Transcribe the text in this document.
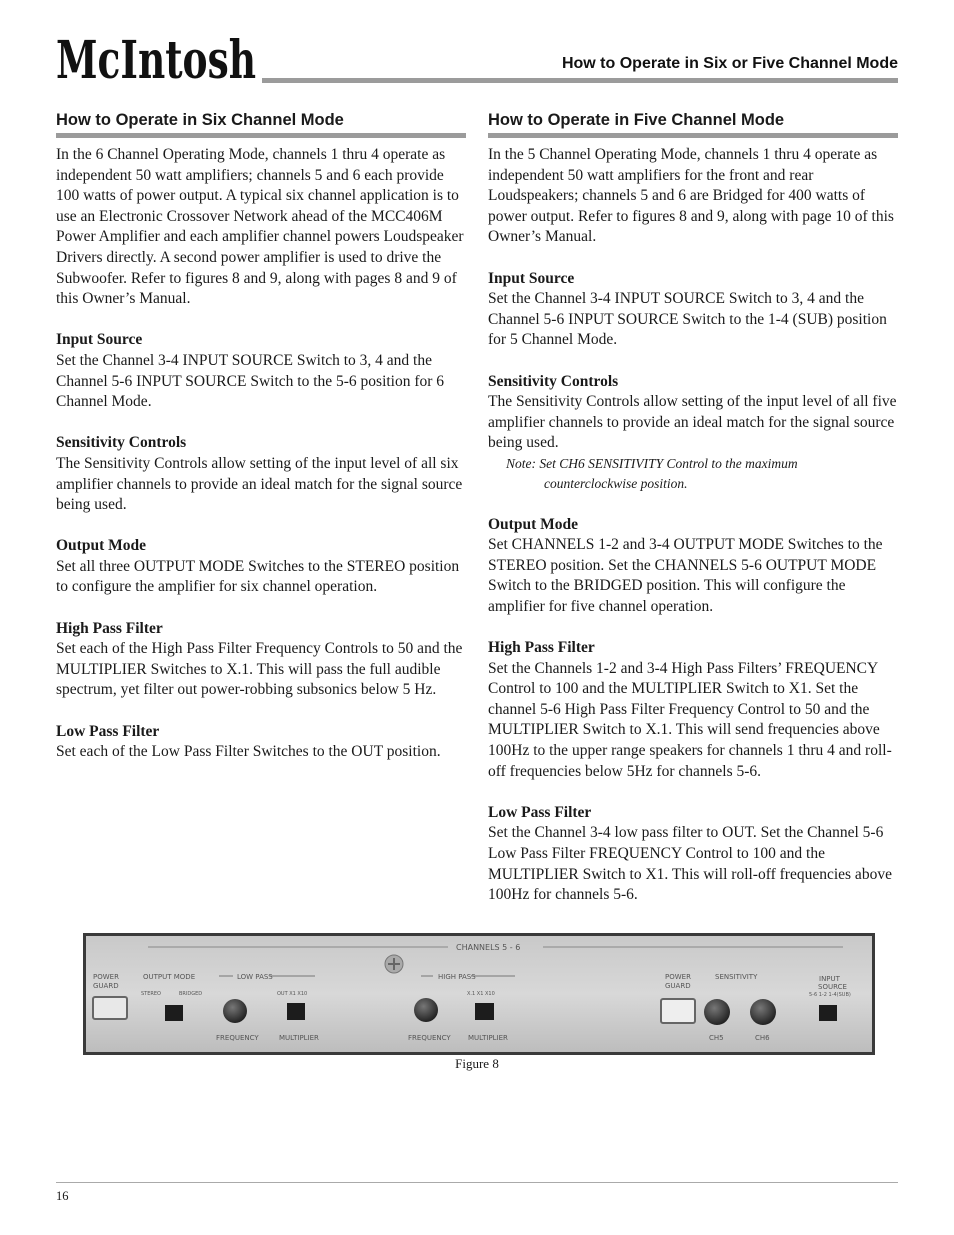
McIntosh	How to Operate in Six or Five Channel Mode
How to Operate in Six Channel Mode

In the 6 Channel Operating Mode, channels 1 thru 4 operate as independent 50 watt amplifiers; channels 5 and 6 each provide 100 watts of power output. A typical six channel application is to use an Electronic Crossover Network ahead of the MCC406M Power Amplifier and each amplifier channel powers Loudspeaker Drivers directly. A second power amplifier is used to drive the Subwoofer. Refer to figures 8 and 9, along with pages 8 and 9 of this Owner’s Manual.

Input Source

Set the Channel 3-4 INPUT SOURCE Switch to 3, 4 and the Channel 5-6 INPUT SOURCE Switch to the 5-6 position for 6 Channel Mode.

Sensitivity Controls

The Sensitivity Controls allow setting of the input level of all six amplifier channels to provide an ideal match for the signal source being used.

Output Mode

Set all three OUTPUT MODE Switches to the STEREO position to configure the amplifier for six channel operation.

High Pass Filter

Set each of the High Pass Filter Frequency Controls to 50 and the MULTIPLIER Switches to X.1. This will pass the full audible spectrum, yet filter out power-robbing subsonics below 5 Hz.

Low Pass Filter

Set each of the Low Pass Filter Switches to the OUT position.

How to Operate in Five Channel Mode

In the 5 Channel Operating Mode, channels 1 thru 4 operate as independent 50 watt amplifiers for the front and rear Loudspeakers; channels 5 and 6 are Bridged for 400 watts of power output. Refer to figures 8 and 9, along with page 10 of this Owner’s Manual.

Input Source

Set the Channel 3-4 INPUT SOURCE Switch to 3, 4 and the Channel 5-6 INPUT SOURCE Switch to the 1-4 (SUB) position for 5 Channel Mode.

Sensitivity Controls

The Sensitivity Controls allow setting of the input level of all five amplifier channels to provide an ideal match for the signal source being used.

Note: Set CH6 SENSITIVITY Control to the maximum
counterclockwise position.

Output Mode

Set CHANNELS 1-2 and 3-4 OUTPUT MODE Switches to the STEREO position. Set the CHANNELS 5-6 OUTPUT MODE Switch to the BRIDGED position. This will configure the amplifier for five channel operation.

High Pass Filter

Set the Channels 1-2 and 3-4 High Pass Filters’ FREQUENCY Control to 100 and the MULTIPLIER Switch to X1. Set the channel 5-6 High Pass Filter Frequency Control to 50 and the MULTIPLIER Switch to X.1. This will send frequencies above 100Hz to the upper range speakers for channels 1 thru 4 and roll-off frequencies below 5Hz for channels 5-6.

Low Pass Filter

Set the Channel 3-4 low pass filter to OUT. Set the Channel 5-6 Low Pass Filter FREQUENCY Control to 100 and the MULTIPLIER Switch to X1. This will roll-off frequencies above 100Hz for channels 5-6.

CHANNELS 5 - 6
POWER
GUARD
OUTPUT MODE
STEREO	BRIDGED
LOW PASS
FREQUENCY
OUT X1 X10
MULTIPLIER
HIGH PASS
FREQUENCY
X.1 X1 X10
MULTIPLIER
POWER
GUARD
SENSITIVITY
CH5	CH6
INPUT
SOURCE
5-6 1-2 1-4(SUB)
Figure 8
16
